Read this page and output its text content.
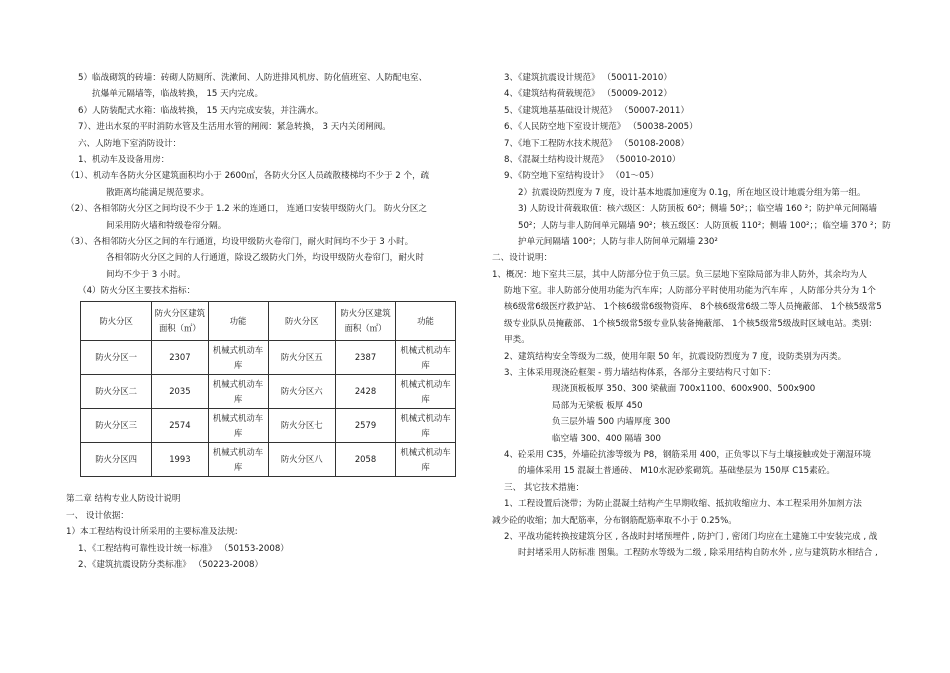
5）临战砌筑的砖墙：砖砌人防厕所、洗漱间、人防进排风机房、防化值班室、人防配电室、
抗爆单元隔墙等，临战转换， 15 天内完成。
6）人防装配式水箱：临战转换， 15 天内完成安装，并注满水。
7）、进出水泵的平时消防水管及生活用水管的闸阀：紧急转换， 3 天内关闭闸阀。
六、人防地下室消防设计：
1、机动车及设备用房：
（1）、机动车各防火分区建筑面积均小于 2600㎡，各防火分区人员疏散楼梯均不少于 2 个，疏
散距离均能满足规范要求。
（2）、各相邻防火分区之间均设不少于 1.2 米的连通口， 连通口安装甲级防火门。 防火分区之
间采用防火墙和特级卷帘分隔。
（3）、各相邻防火分区之间的车行通道，均设甲级防火卷帘门，耐火时间均不少于 3 小时。
各相邻防火分区之间的人行通道，除设乙级防火门外，均设甲级防火卷帘门，耐火时
间均不少于 3 小时。
（4）防火分区主要技术指标：
防火分区	防火分区建筑面积（㎡）	功能	防火分区	防火分区建筑面积（㎡）	功能
防火分区一	2307	机械式机动车库	防火分区五	2387	机械式机动车库
防火分区二	2035	机械式机动车库	防火分区六	2428	机械式机动车库
防火分区三	2574	机械式机动车库	防火分区七	2579	机械式机动车库
防火分区四	1993	机械式机动车库	防火分区八	2058	机械式机动车库
第二章 结构专业人防设计说明
一、 设计依据：
1）本工程结构设计所采用的主要标准及法规:
1、《工程结构可靠性设计统一标准》 （50153-2008）
2、《建筑抗震设防分类标准》 （50223-2008）
3、《建筑抗震设计规范》 （50011-2010）
4、《建筑结构荷载规范》 （50009-2012）
5、《建筑地基基础设计规范》 （50007-2011）
6、《人民防空地下室设计规范》 （50038-2005）
7、《地下工程防水技术规范》 （50108-2008）
8、《混凝土结构设计规范》 （50010-2010）
9、《防空地下室结构设计》 （01～05）
2）抗震设防烈度为 7 度，设计基本地震加速度为 0.1g，所在地区设计地震分组为第一组。
3) 人防设计荷载取值：核六级区：人防顶板 60²；侧墙 50²；；临空墙 160 ²；防护单元间隔墙
50²；人防与非人防间单元隔墙 90²；核五级区：人防顶板 110²；侧墙 100²；；临空墙 370 ²；防
护单元间隔墙 100²；人防与非人防间单元隔墙 230²
二、设计说明：
1、概况：地下室共三层，其中人防部分位于负三层。负三层地下室除局部为非人防外，其余均为人
防地下室。非人防部分使用功能为汽车库；人防部分平时使用功能为汽车库 ，人防部分共分为 1个
核6级常6级医疗救护站、 1个核6级常6级物资库、 8个核6级常6级二等人员掩蔽部、 1个核5级常5
级专业队队员掩蔽部、 1个核5级常5级专业队装备掩蔽部、 1个核5级常5级战时区域电站。类别:
甲类。
2、建筑结构安全等级为二级，使用年限 50 年，抗震设防烈度为 7 度，设防类别为丙类。
3、主体采用现浇砼框架 - 剪力墙结构体系，各部分主要结构尺寸如下：
现浇顶板板厚 350、300 梁截面 700x1100、600x900、500x900
局部为无梁板 板厚 450
负三层外墙 500 内墙厚度 300
临空墙 300、400 隔墙 300
4、砼采用 C35，外墙砼抗渗等级为 P8，钢筋采用 400，正负零以下与土壤接触或处于潮湿环境
的墙体采用 15 混凝土普通砖、 M10水泥砂浆砌筑。基础垫层为 150厚 C15素砼。
三、 其它技术措施：
1、工程设置后浇带；为防止混凝土结构产生早期收缩、抵抗收缩应力、本工程采用外加剂方法
减少砼的收缩；加大配筋率，分布钢筋配筋率取不小于 0.25%。
2、平战功能转换按建筑分区 , 各战时封堵预埋件 , 防护门 , 密闭门均应在土建施工中安装完成 , 战
时封堵采用人防标准 图集。工程防水等级为二级 , 除采用结构自防水外 , 应与建筑防水相结合 ,
